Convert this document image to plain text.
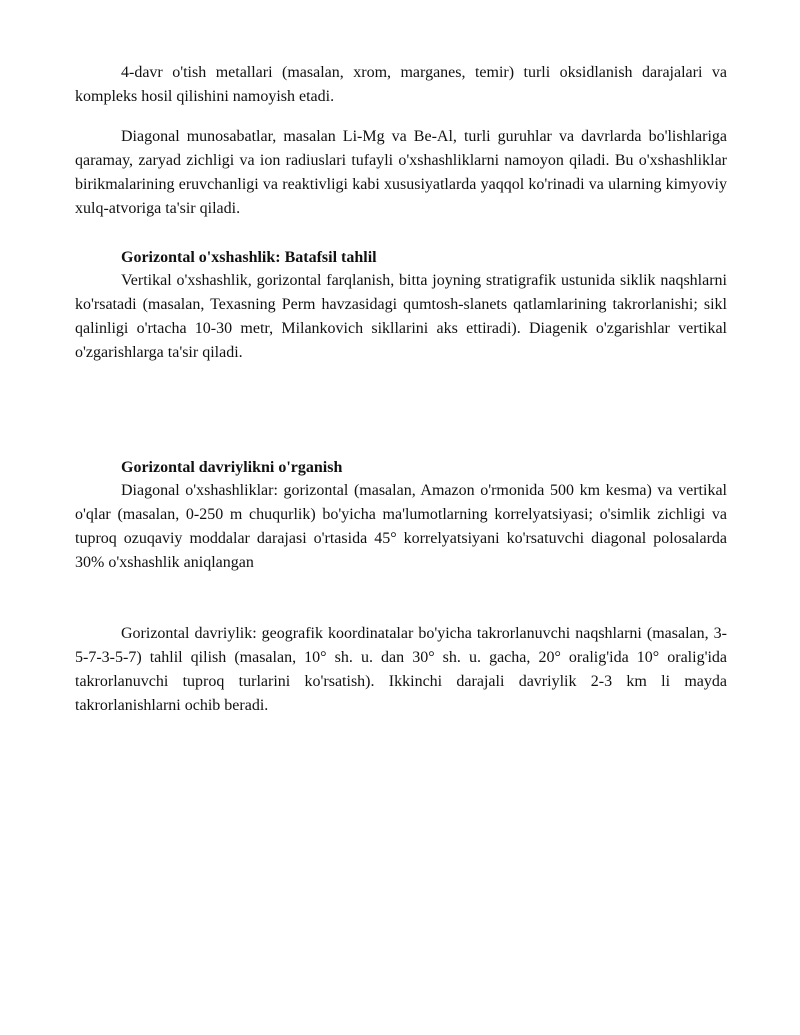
4-davr o'tish metallari (masalan, xrom, marganes, temir) turli oksidlanish darajalari va kompleks hosil qilishini namoyish etadi.

Diagonal munosabatlar, masalan Li-Mg va Be-Al, turli guruhlar va davrlarda bo'lishlariga qaramay, zaryad zichligi va ion radiuslari tufayli o'xshashliklarni namoyon qiladi. Bu o'xshashliklar birikmalarining eruvchanligi va reaktivligi kabi xususiyatlarda yaqqol ko'rinadi va ularning kimyoviy xulq-atvoriga ta'sir qiladi.

Gorizontal o'xshashlik: Batafsil tahlil

Vertikal o'xshashlik, gorizontal farqlanish, bitta joyning stratigrafik ustunida siklik naqshlarni ko'rsatadi (masalan, Texasning Perm havzasidagi qumtosh-slanets qatlamlarining takrorlanishi; sikl qalinligi o'rtacha 10-30 metr, Milankovich sikllarini aks ettiradi). Diagenik o'zgarishlar vertikal o'zgarishlarga ta'sir qiladi.

Gorizontal davriylikni o'rganish

Diagonal o'xshashliklar: gorizontal (masalan, Amazon o'rmonida 500 km kesma) va vertikal o'qlar (masalan, 0-250 m chuqurlik) bo'yicha ma'lumotlarning korrelyatsiyasi; o'simlik zichligi va tuproq ozuqaviy moddalar darajasi o'rtasida 45° korrelyatsiyani ko'rsatuvchi diagonal polosalarda 30% o'xshashlik aniqlangan

Gorizontal davriylik: geografik koordinatalar bo'yicha takrorlanuvchi naqshlarni (masalan, 3-5-7-3-5-7) tahlil qilish (masalan, 10° sh. u. dan 30° sh. u. gacha, 20° oralig'ida 10° oralig'ida takrorlanuvchi tuproq turlarini ko'rsatish). Ikkinchi darajali davriylik 2-3 km li mayda takrorlanishlarni ochib beradi.
